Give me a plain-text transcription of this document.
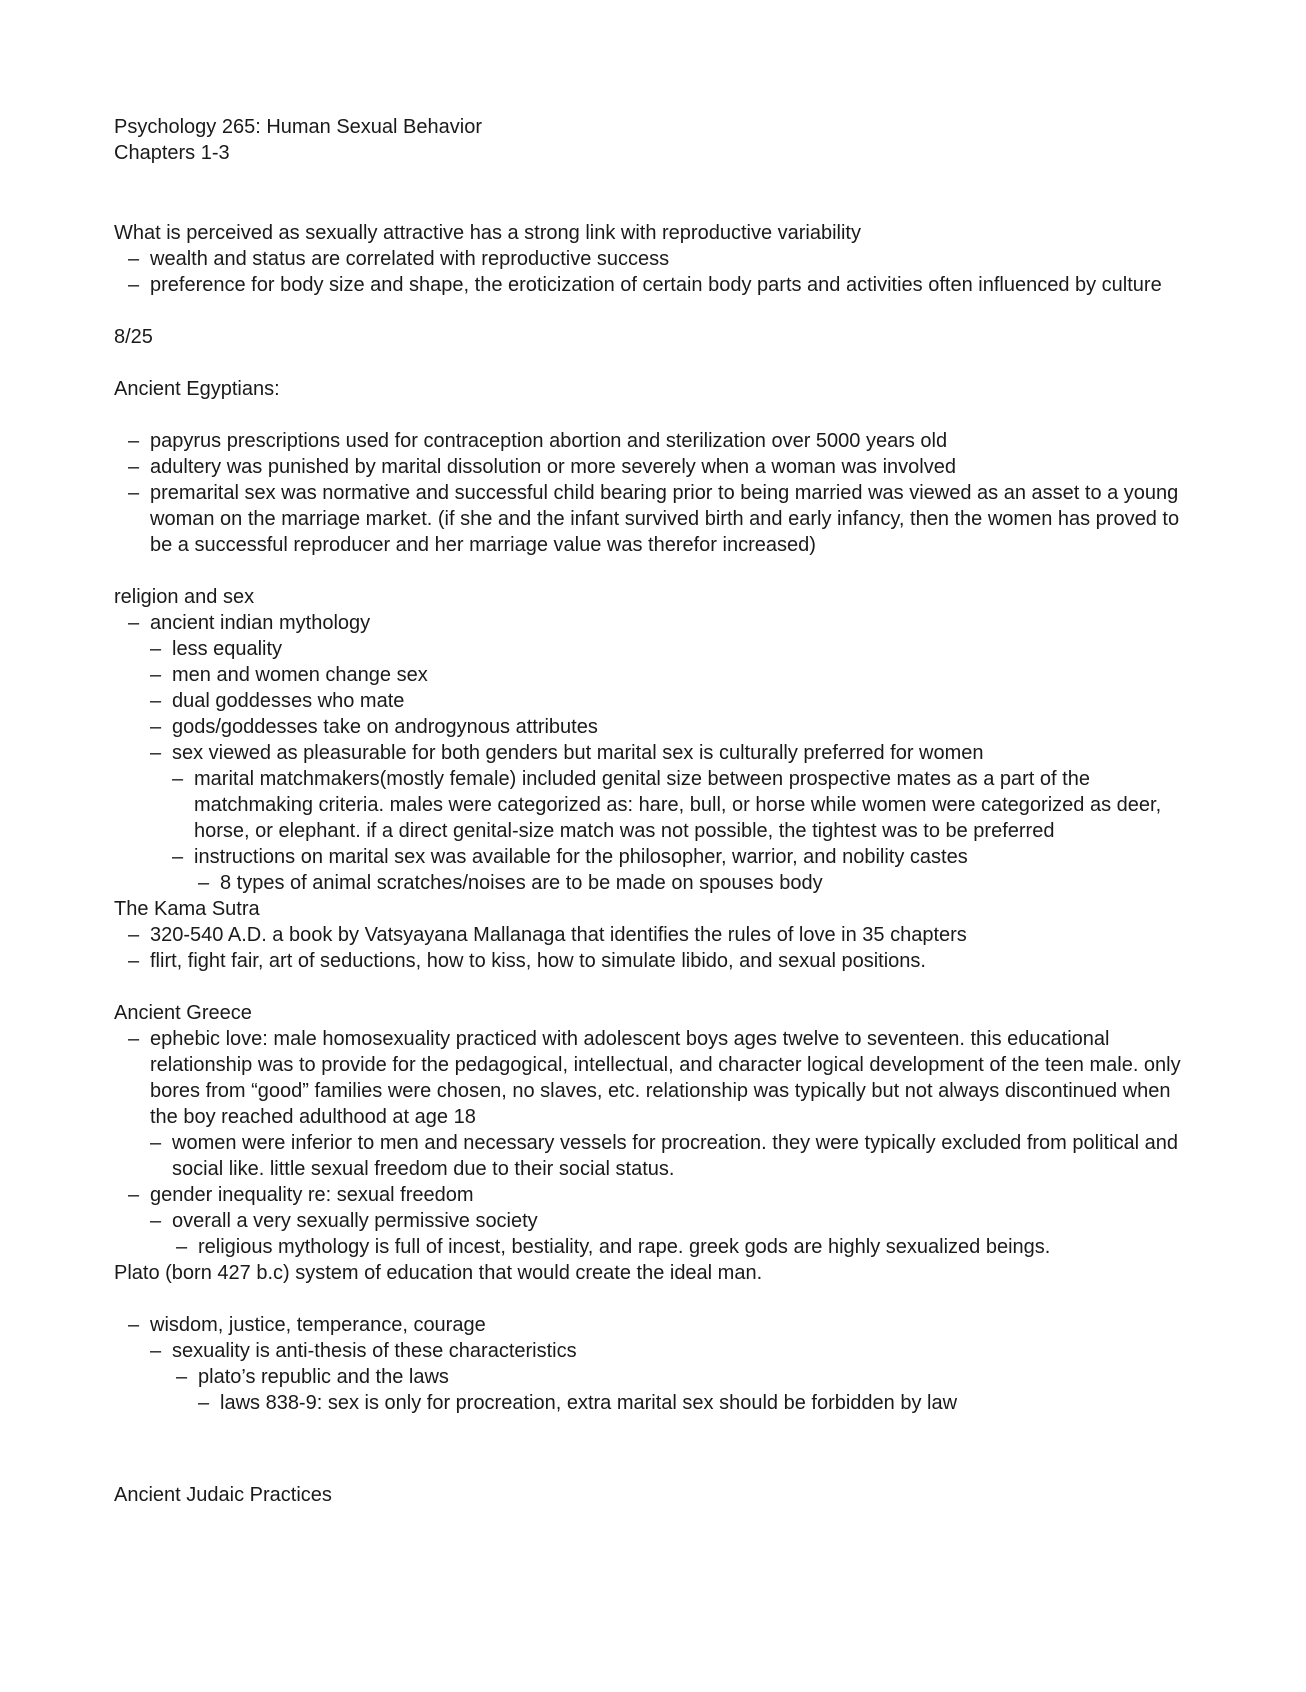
Psychology 265: Human Sexual Behavior
Chapters 1-3
What is perceived as sexually attractive has a strong link with reproductive variability
– wealth and status are correlated with reproductive success
– preference for body size and shape, the eroticization of certain body parts and activities often influenced by culture
8/25
Ancient Egyptians:
– papyrus prescriptions used for contraception abortion and sterilization over 5000 years old
– adultery was punished by marital dissolution or more severely when a woman was involved
– premarital sex was normative and successful child bearing prior to being married was viewed as an asset to a young woman on the marriage market. (if she and the infant survived birth and early infancy, then the women has proved to be a successful reproducer and her marriage value was therefor increased)
religion and sex
– ancient indian mythology
– less equality
– men and women change sex
– dual goddesses who mate
– gods/goddesses take on androgynous attributes
– sex viewed as pleasurable for both genders but marital sex is culturally preferred for women
– marital matchmakers(mostly female) included genital size between prospective mates as a part of the matchmaking criteria. males were categorized as: hare, bull, or horse while women were categorized as deer, horse, or elephant. if a direct genital-size match was not possible, the tightest was to be preferred
– instructions on marital sex was available for the philosopher, warrior, and nobility castes
– 8 types of animal scratches/noises are to be made on spouses body
The Kama Sutra
– 320-540 A.D. a book by Vatsyayana Mallanaga that identifies the rules of love in 35 chapters
– flirt, fight fair, art of seductions, how to kiss, how to simulate libido, and sexual positions.
Ancient Greece
– ephebic love: male homosexuality practiced with adolescent boys ages twelve to seventeen. this educational relationship was to provide for the pedagogical, intellectual, and character logical development of the teen male. only bores from “good” families were chosen, no slaves, etc. relationship was typically but not always discontinued when the boy reached adulthood at age 18
– women were inferior to men and necessary vessels for procreation. they were typically excluded from political and social like. little sexual freedom due to their social status.
– gender inequality re: sexual freedom
– overall a very sexually permissive society
– religious mythology is full of incest, bestiality, and rape. greek gods are highly sexualized beings.
Plato (born 427 b.c) system of education that would create the ideal man.
– wisdom, justice, temperance, courage
– sexuality is anti-thesis of these characteristics
– plato’s republic and the laws
– laws 838-9: sex is only for procreation, extra marital sex should be forbidden by law
Ancient Judaic Practices
